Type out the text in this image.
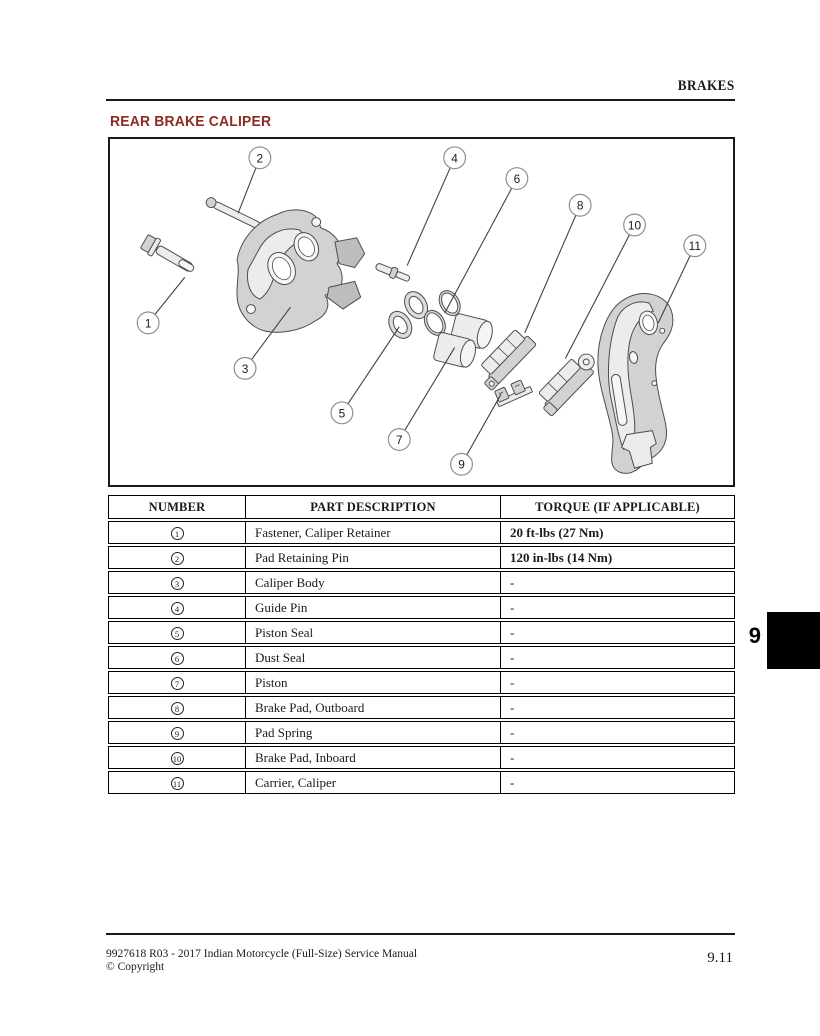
BRAKES
REAR BRAKE CALIPER
1
2
3
4
5
6
7
8
9
10
11
NUMBER	PART DESCRIPTION	TORQUE (IF APPLICABLE)
1	Fastener, Caliper Retainer	20 ft-lbs (27 Nm)
2	Pad Retaining Pin	120 in-lbs (14 Nm)
3	Caliper Body	-
4	Guide Pin	-
5	Piston Seal	-
6	Dust Seal	-
7	Piston	-
8	Brake Pad, Outboard	-
9	Pad Spring	-
10	Brake Pad, Inboard	-
11	Carrier, Caliper	-
9
9927618 R03 - 2017 Indian Motorcycle (Full-Size) Service Manual
© Copyright
9.11
